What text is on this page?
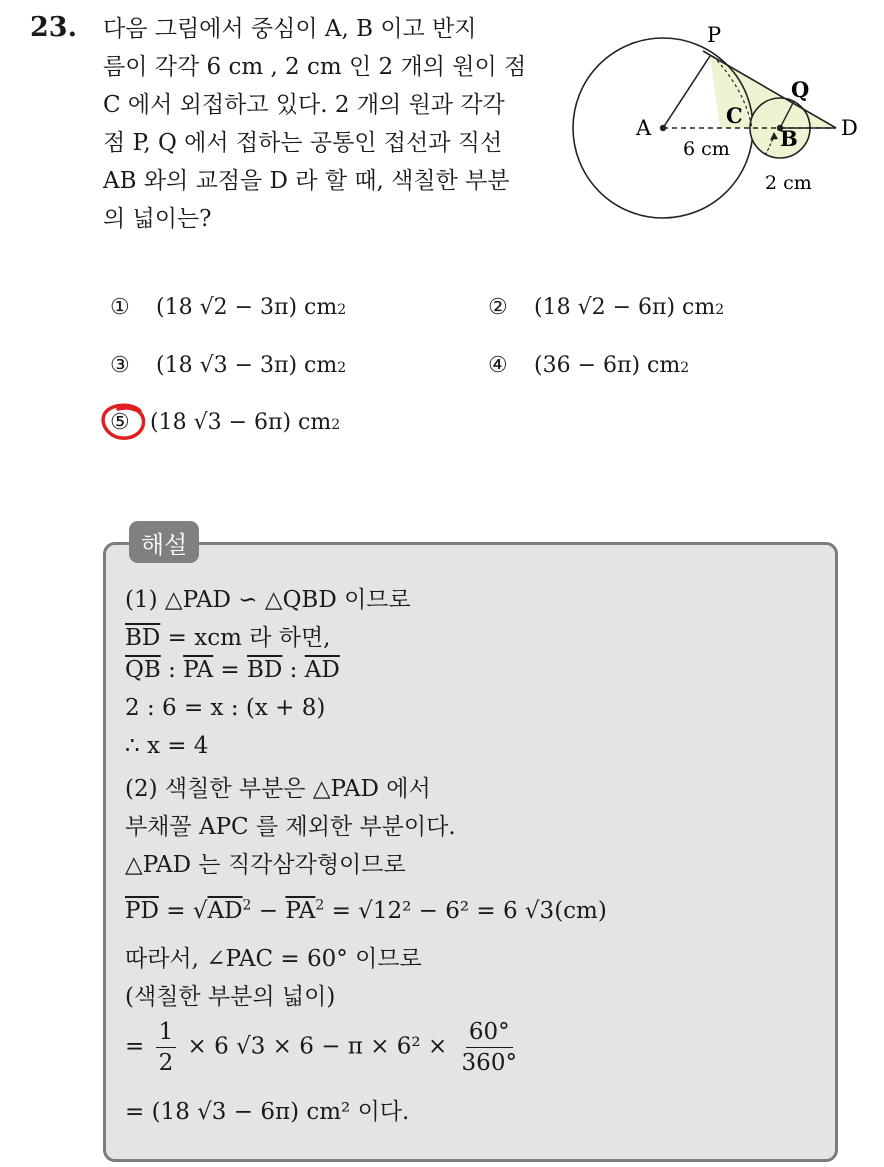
23. 다음 그림에서 중심이 A, B 이고 반지
름이 각각 6 cm , 2 cm 인 2 개의 원이 점
C 에서 외접하고 있다. 2 개의 원과 각각
점 P, Q 에서 접하는 공통인 접선과 직선
AB 와의 교점을 D 라 할 때, 색칠한 부분
의 넓이는?
P
Q
A	C
B D
6 cm
2 cm
①	(18 √2 − 3π) cm 2	②	(18 √2 − 6π) cm 2
③	(18 √3 − 3π) cm 2	④	(36 − 6π) cm 2
⑤ (18 √3 − 6π) cm 2
해설
(1) △PAD ∽ △QBD 이므로
$\overline{BD}$ = xcm 라 하면,
$\overline{QB}$ : $\overline{PA} = \overline{BD}$ : $\overline{AD}$
2 : 6 = x : (x + 8)
∴ x = 4
(2) 색칠한 부분은 △PAD 에서
부채꼴 APC 를 제외한 부분이다.
△PAD 는 직각삼각형이므로
$\overline{PD} = √AD^2 - \overline{PA}^2 = √12^2 - 6^2 = 6$ √3(cm)
따라서, ∠PAC = 60° 이므로
(색칠한 부분의 넓이)
= $\frac{1}{2} \times 6$ $√3 \times 6 - \pi \times 6^2 \times \frac{60^\circ}{360^\circ}$
= (18 √3 − 6π) cm² 이다.
